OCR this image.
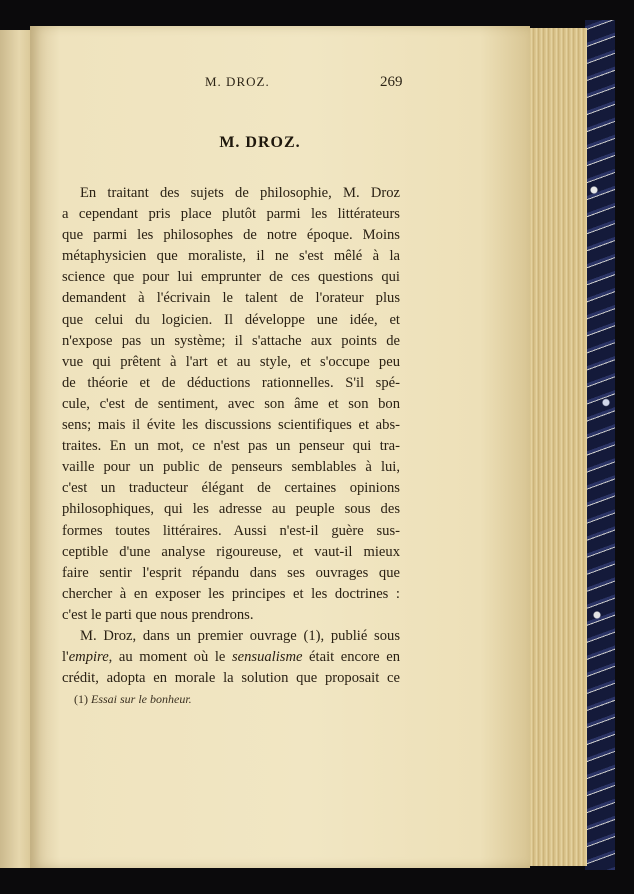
M. DROZ.	269
M. DROZ.
En traitant des sujets de philosophie, M. Droz
a cependant pris place plutôt parmi les littérateurs
que parmi les philosophes de notre époque. Moins
métaphysicien que moraliste, il ne s'est mêlé à la
science que pour lui emprunter de ces questions qui
demandent à l'écrivain le talent de l'orateur plus
que celui du logicien. Il développe une idée, et
n'expose pas un système; il s'attache aux points de
vue qui prêtent à l'art et au style, et s'occupe peu
de théorie et de déductions rationnelles. S'il spé-
cule, c'est de sentiment, avec son âme et son bon
sens; mais il évite les discussions scientifiques et abs-
traites. En un mot, ce n'est pas un penseur qui tra-
vaille pour un public de penseurs semblables à lui,
c'est un traducteur élégant de certaines opinions
philosophiques, qui les adresse au peuple sous des
formes toutes littéraires. Aussi n'est-il guère sus-
ceptible d'une analyse rigoureuse, et vaut-il mieux
faire sentir l'esprit répandu dans ses ouvrages que
chercher à en exposer les principes et les doctrines :
c'est le parti que nous prendrons.
M. Droz, dans un premier ouvrage (1), publié sous
l'empire, au moment où le sensualisme était encore en
crédit, adopta en morale la solution que proposait ce
(1) Essai sur le bonheur.
